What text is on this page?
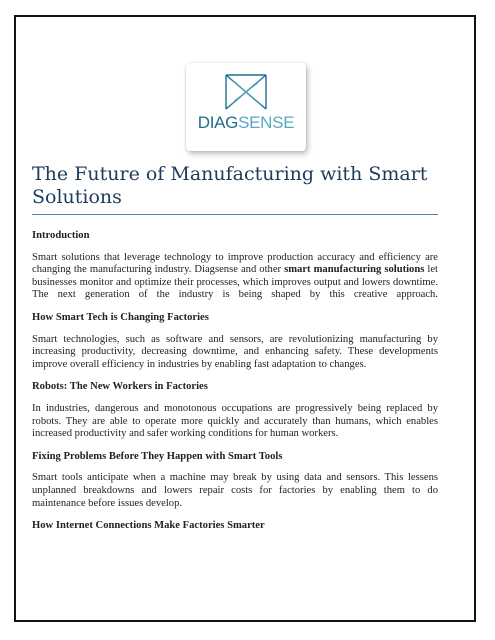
DIAGSENSE
The Future of Manufacturing with Smart Solutions
Introduction

Smart solutions that leverage technology to improve production accuracy and efficiency are changing the manufacturing industry. Diagsense and other smart manufacturing solutions let businesses monitor and optimize their processes, which improves output and lowers downtime. The next generation of the industry is being shaped by this creative approach.

How Smart Tech is Changing Factories

Smart technologies, such as software and sensors, are revolutionizing manufacturing by increasing productivity, decreasing downtime, and enhancing safety. These developments improve overall efficiency in industries by enabling fast adaptation to changes.

Robots: The New Workers in Factories

In industries, dangerous and monotonous occupations are progressively being replaced by robots. They are able to operate more quickly and accurately than humans, which enables increased productivity and safer working conditions for human workers.

Fixing Problems Before They Happen with Smart Tools

Smart tools anticipate when a machine may break by using data and sensors. This lessens unplanned breakdowns and lowers repair costs for factories by enabling them to do maintenance before issues develop.

How Internet Connections Make Factories Smarter
